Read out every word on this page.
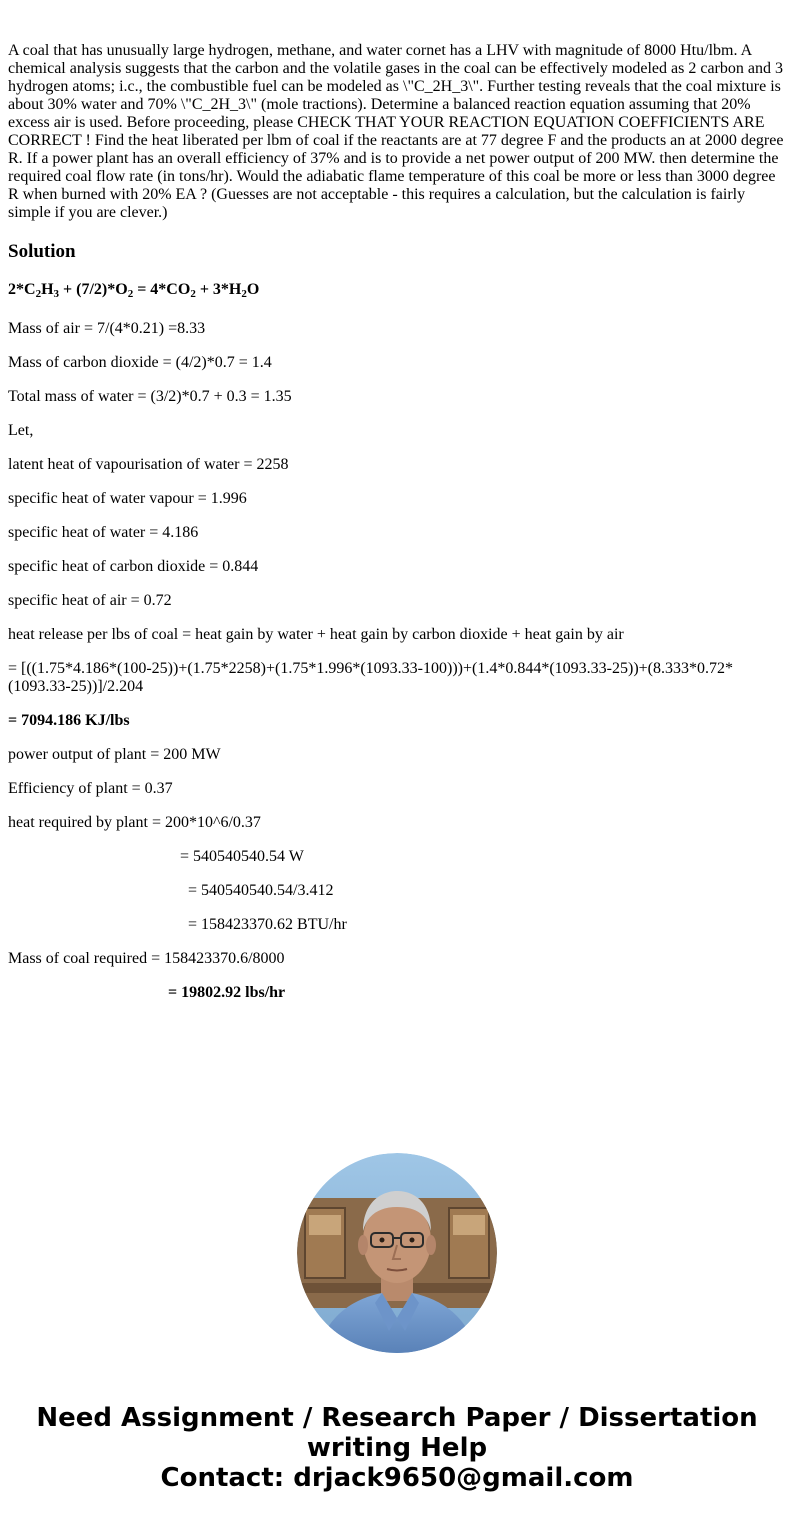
A coal that has unusually large hydrogen, methane, and water cornet has a LHV with magnitude of 8000 Htu/lbm. A chemical analysis suggests that the carbon and the volatile gases in the coal can be effectively modeled as 2 carbon and 3 hydrogen atoms; i.c., the combustible fuel can be modeled as \"C_2H_3\". Further testing reveals that the coal mixture is about 30% water and 70% \"C_2H_3\" (mole tractions). Determine a balanced reaction equation assuming that 20% excess air is used. Before proceeding, please CHECK THAT YOUR REACTION EQUATION COEFFICIENTS ARE CORRECT ! Find the heat liberated per lbm of coal if the reactants are at 77 degree F and the products an at 2000 degree R. If a power plant has an overall efficiency of 37% and is to provide a net power output of 200 MW. then determine the required coal flow rate (in tons/hr). Would the adiabatic flame temperature of this coal be more or less than 3000 degree R when burned with 20% EA ? (Guesses are not acceptable - this requires a calculation, but the calculation is fairly simple if you are clever.)

Solution

$2*C_2H_3 + (7/2)*O_2 = 4*CO_2 + 3*H_2O$

Mass of air = 7/(4*0.21) =8.33

Mass of carbon dioxide = (4/2)*0.7 = 1.4

Total mass of water = (3/2)*0.7 + 0.3 = 1.35

Let,

latent heat of vapourisation of water = 2258

specific heat of water vapour = 1.996

specific heat of water = 4.186

specific heat of carbon dioxide = 0.844

specific heat of air = 0.72

heat release per lbs of coal = heat gain by water + heat gain by carbon dioxide + heat gain by air

= [((1.75*4.186*(100-25))+(1.75*2258)+(1.75*1.996*(1093.33-100)))+(1.4*0.844*(1093.33-25))+(8.333*0.72*(1093.33-25))]/2.204

= 7094.186 KJ/lbs

power output of plant = 200 MW

Efficiency of plant = 0.37

heat required by plant = 200*10^6/0.37

= 540540540.54 W

= 540540540.54/3.412

= 158423370.62 BTU/hr

Mass of coal required = 158423370.6/8000

= 19802.92 lbs/hr

Need Assignment / Research Paper / Dissertation
writing Help
Contact: drjack9650@gmail.com
